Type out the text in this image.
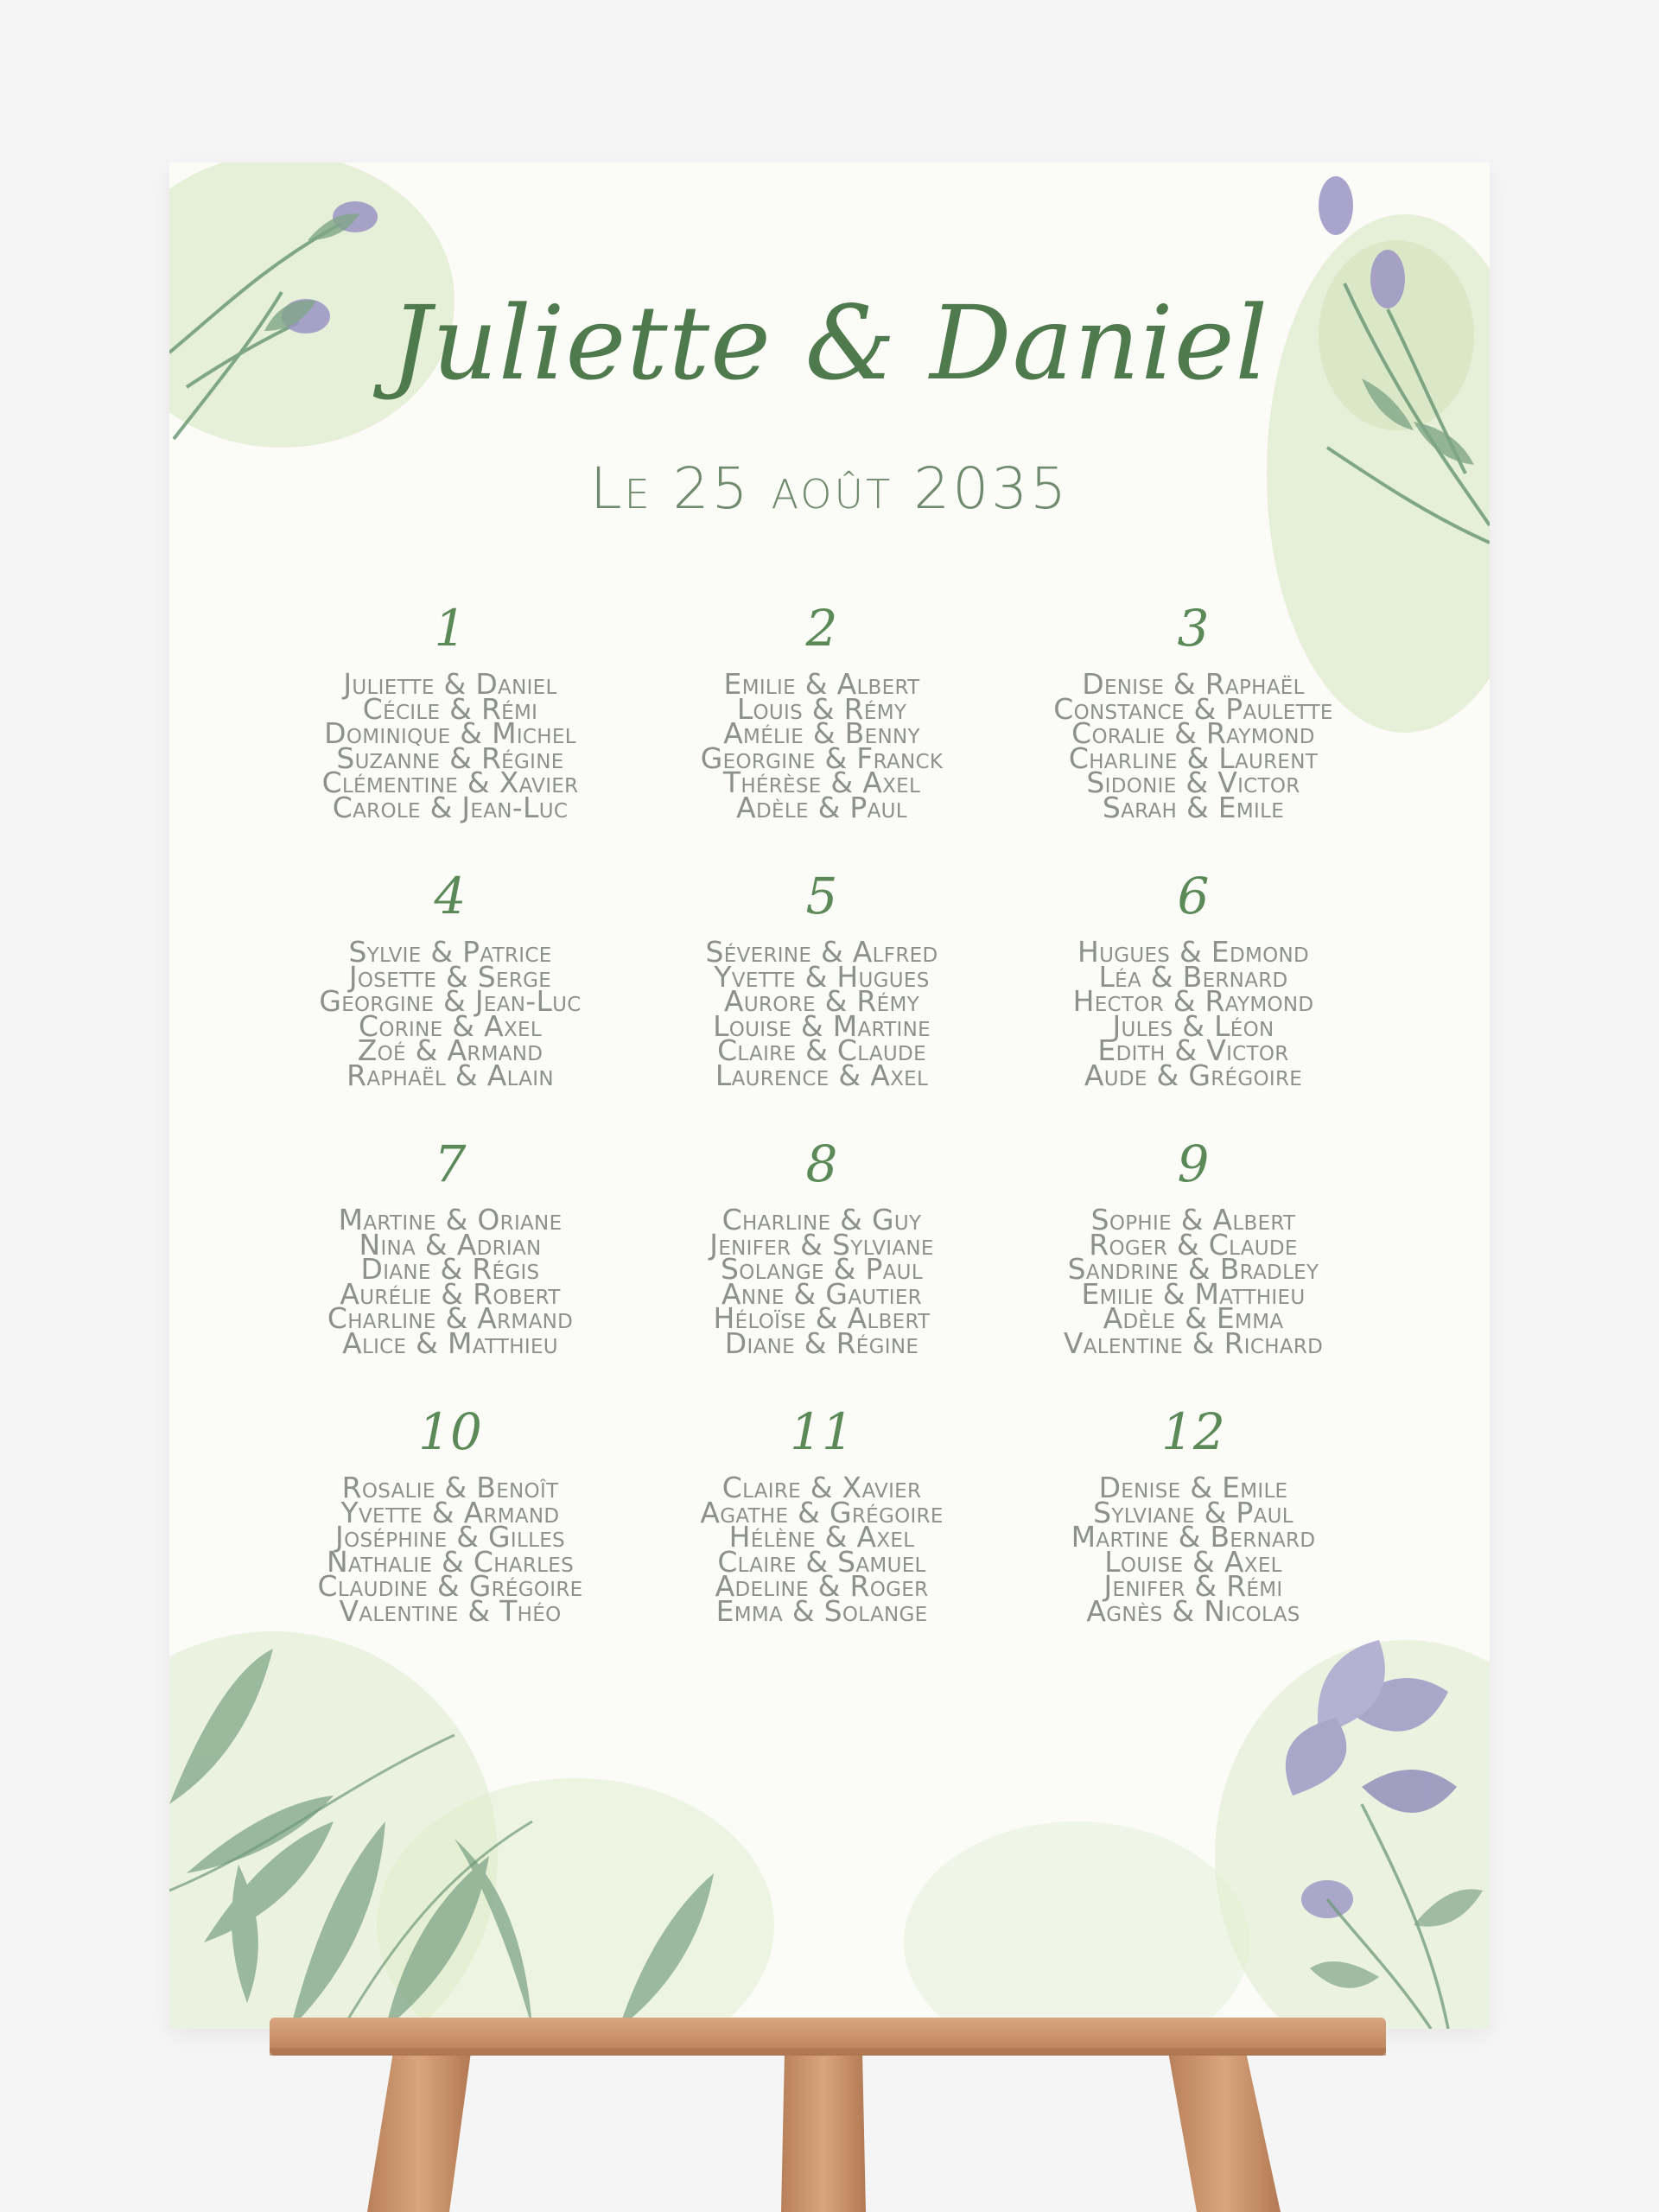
Juliette & Daniel
Le 25 août 2035
1
Juliette & Daniel
Cécile & Rémi
Dominique & Michel
Suzanne & Régine
Clémentine & Xavier
Carole & Jean-Luc
2
Emilie & Albert
Louis & Rémy
Amélie & Benny
Georgine & Franck
Thérèse & Axel
Adèle & Paul
3
Denise & Raphaël
Constance & Paulette
Coralie & Raymond
Charline & Laurent
Sidonie & Victor
Sarah & Emile
4
Sylvie & Patrice
Josette & Serge
Georgine & Jean-Luc
Corine & Axel
Zoé & Armand
Raphaël & Alain
5
Séverine & Alfred
Yvette & Hugues
Aurore & Rémy
Louise & Martine
Claire & Claude
Laurence & Axel
6
Hugues & Edmond
Léa & Bernard
Hector & Raymond
Jules & Léon
Edith & Victor
Aude & Grégoire
7
Martine & Oriane
Nina & Adrian
Diane & Régis
Aurélie & Robert
Charline & Armand
Alice & Matthieu
8
Charline & Guy
Jenifer & Sylviane
Solange & Paul
Anne & Gautier
Héloïse & Albert
Diane & Régine
9
Sophie & Albert
Roger & Claude
Sandrine & Bradley
Emilie & Matthieu
Adèle & Emma
Valentine & Richard
10
Rosalie & Benoît
Yvette & Armand
Joséphine & Gilles
Nathalie & Charles
Claudine & Grégoire
Valentine & Théo
11
Claire & Xavier
Agathe & Grégoire
Hélène & Axel
Claire & Samuel
Adeline & Roger
Emma & Solange
12
Denise & Emile
Sylviane & Paul
Martine & Bernard
Louise & Axel
Jenifer & Rémi
Agnès & Nicolas
